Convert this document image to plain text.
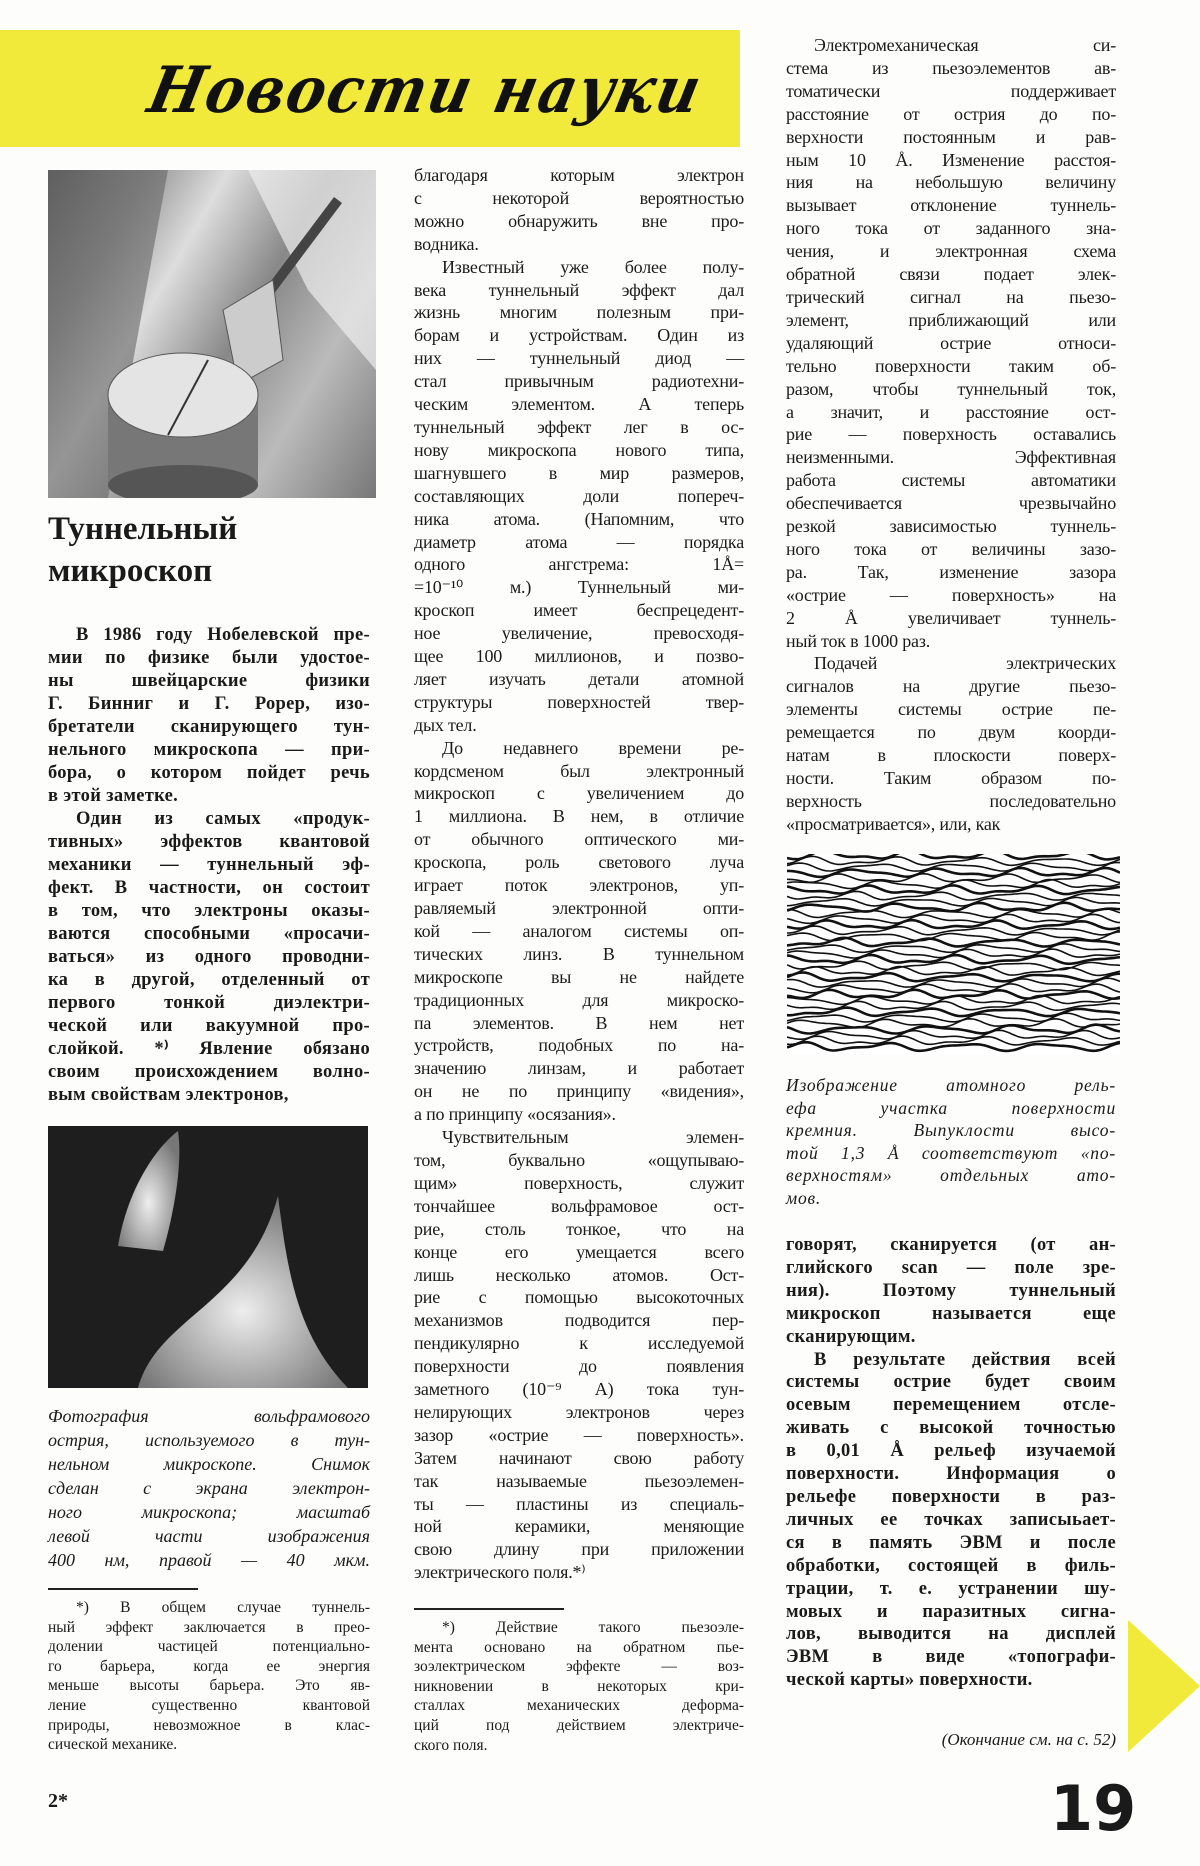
Новости науки
Туннельный
микроскоп
В 1986 году Нобелевской пре-
мии по физике были удостое-
ны швейцарские физики
Г. Бинниг и Г. Рорер, изо-
бретатели сканирующего тун-
нельного микроскопа — при-
бора, о котором пойдет речь
в этой заметке.
Один из самых «продук-
тивных» эффектов квантовой
механики — туннельный эф-
фект. В частности, он состоит
в том, что электроны оказы-
ваются способными «просачи-
ваться» из одного проводни-
ка в другой, отделенный от
первого тонкой диэлектри-
ческой или вакуумной про-
слойкой. *⁾ Явление обязано
своим происхождением волно-
вым свойствам электронов,
Фотография вольфрамового
острия, используемого в тун-
нельном микроскопе. Снимок
сделан с экрана электрон-
ного микроскопа; масштаб
левой части изображения
400 нм, правой — 40 мкм.
*) В общем случае туннель-
ный эффект заключается в прео-
долении частицей потенциально-
го барьера, когда ее энергия
меньше высоты барьера. Это яв-
ление существенно квантовой
природы, невозможное в клас-
сической механике.
2*
благодаря которым электрон
с некоторой вероятностью
можно обнаружить вне про-
водника.
Известный уже более полу-
века туннельный эффект дал
жизнь многим полезным при-
борам и устройствам. Один из
них — туннельный диод —
стал привычным радиотехни-
ческим элементом. А теперь
туннельный эффект лег в ос-
нову микроскопа нового типа,
шагнувшего в мир размеров,
составляющих доли попереч-
ника атома. (Напомним, что
диаметр атома — порядка
одного ангстрема: 1Å=
=10⁻¹⁰ м.) Туннельный ми-
кроскоп имеет беспрецедент-
ное увеличение, превосходя-
щее 100 миллионов, и позво-
ляет изучать детали атомной
структуры поверхностей твер-
дых тел.
До недавнего времени ре-
кордсменом был электронный
микроскоп с увеличением до
1 миллиона. В нем, в отличие
от обычного оптического ми-
кроскопа, роль светового луча
играет поток электронов, уп-
равляемый электронной опти-
кой — аналогом системы оп-
тических линз. В туннельном
микроскопе вы не найдете
традиционных для микроско-
па элементов. В нем нет
устройств, подобных по на-
значению линзам, и работает
он не по принципу «видения»,
а по принципу «осязания».
Чувствительным элемен-
том, буквально «ощупываю-
щим» поверхность, служит
тончайшее вольфрамовое ост-
рие, столь тонкое, что на
конце его умещается всего
лишь несколько атомов. Ост-
рие с помощью высокоточных
механизмов подводится пер-
пендикулярно к исследуемой
поверхности до появления
заметного (10⁻⁹ А) тока тун-
нелирующих электронов через
зазор «острие — поверхность».
Затем начинают свою работу
так называемые пьезоэлемен-
ты — пластины из специаль-
ной керамики, меняющие
свою длину при приложении
электрического поля.*⁾
*) Действие такого пьезоэле-
мента основано на обратном пье-
зоэлектрическом эффекте — воз-
никновении в некоторых кри-
сталлах механических деформа-
ций под действием электриче-
ского поля.
Электромеханическая си-
стема из пьезоэлементов ав-
томатически поддерживает
расстояние от острия до по-
верхности постоянным и рав-
ным 10 Å. Изменение расстоя-
ния на небольшую величину
вызывает отклонение туннель-
ного тока от заданного зна-
чения, и электронная схема
обратной связи подает элек-
трический сигнал на пьезо-
элемент, приближающий или
удаляющий острие относи-
тельно поверхности таким об-
разом, чтобы туннельный ток,
а значит, и расстояние ост-
рие — поверхность оставались
неизменными. Эффективная
работа системы автоматики
обеспечивается чрезвычайно
резкой зависимостью туннель-
ного тока от величины зазо-
ра. Так, изменение зазора
«острие — поверхность» на
2 Å увеличивает туннель-
ный ток в 1000 раз.
Подачей электрических
сигналов на другие пьезо-
элементы системы острие пе-
ремещается по двум коорди-
натам в плоскости поверх-
ности. Таким образом по-
верхность последовательно
«просматривается», или, как
Изображение атомного рель-
ефа участка поверхности
кремния. Выпуклости высо-
той 1,3 Å соответствуют «по-
верхностям» отдельных ато-
мов.
говорят, сканируется (от ан-
глийского scan — поле зре-
ния). Поэтому туннельный
микроскоп называется еще
сканирующим.
В результате действия всей
системы острие будет своим
осевым перемещением отсле-
живать с высокой точностью
в 0,01 Å рельеф изучаемой
поверхности. Информация о
рельефе поверхности в раз-
личных ее точках записыьает-
ся в память ЭВМ и после
обработки, состоящей в филь-
трации, т. е. устранении шу-
мовых и паразитных сигна-
лов, выводится на дисплей
ЭВМ в виде «топографи-
ческой карты» поверхности.
(Окончание см. на с. 52)
19
